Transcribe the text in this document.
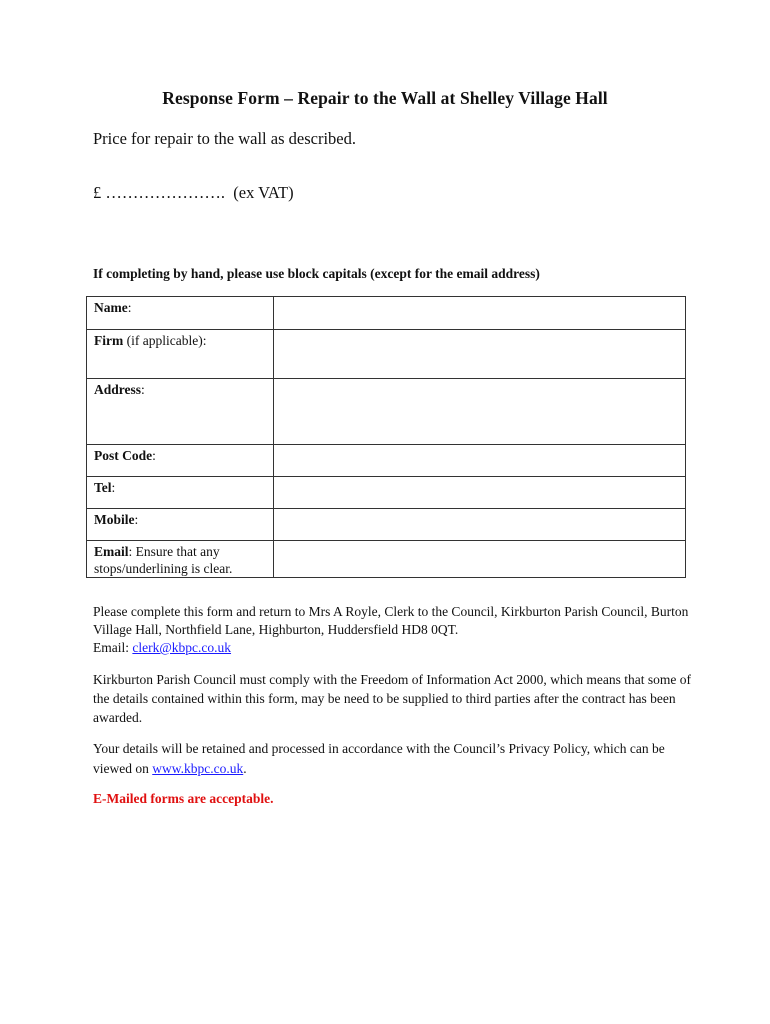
Response Form – Repair to the Wall at Shelley Village Hall
Price for repair to the wall as described.
£ ………………….  (ex VAT)
If completing by hand, please use block capitals (except for the email address)
Name:	
Firm (if applicable):	
Address:	
Post Code:	
Tel:	
Mobile:	
Email: Ensure that any stops/underlining is clear.	
Please complete this form and return to Mrs A Royle, Clerk to the Council, Kirkburton Parish Council, Burton Village Hall, Northfield Lane, Highburton, Huddersfield HD8 0QT.
Email: clerk@kbpc.co.uk
Kirkburton Parish Council must comply with the Freedom of Information Act 2000, which means that some of the details contained within this form, may be need to be supplied to third parties after the contract has been awarded.
Your details will be retained and processed in accordance with the Council’s Privacy Policy, which can be viewed on www.kbpc.co.uk.
E-Mailed forms are acceptable.
